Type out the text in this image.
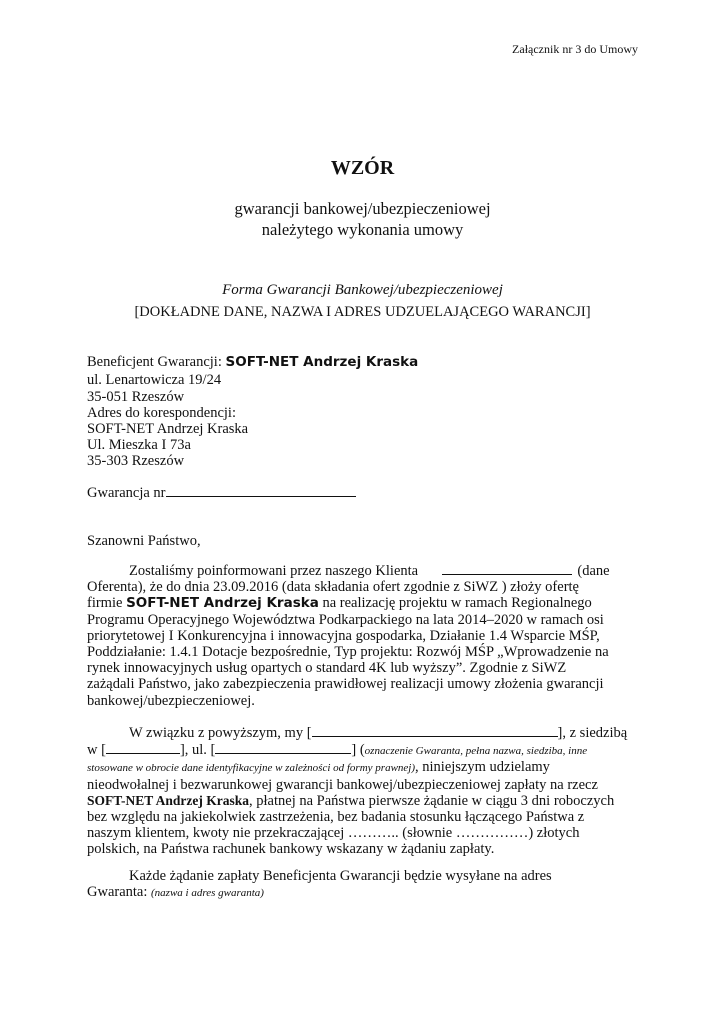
Załącznik nr 3 do Umowy
WZÓR
gwarancji bankowej/ubezpieczeniowej
należytego wykonania umowy
Forma Gwarancji Bankowej/ubezpieczeniowej
[DOKŁADNE DANE, NAZWA I ADRES UDZUELAJĄCEGO WARANCJI]
Beneficjent Gwarancji: SOFT-NET Andrzej Kraska
ul. Lenartowicza 19/24
35-051 Rzeszów
Adres do korespondencji:
SOFT-NET Andrzej Kraska
Ul. Mieszka I 73a
35-303 Rzeszów
Gwarancja nr
Szanowni Państwo,
Zostaliśmy poinformowani przez naszego Klienta	(dane
Oferenta), że do dnia 23.09.2016 (data składania ofert zgodnie z SiWZ ) złoży ofertę
firmie SOFT-NET Andrzej Kraska na realizację projektu w ramach Regionalnego
Programu Operacyjnego Województwa Podkarpackiego na lata 2014–2020 w ramach osi
priorytetowej I Konkurencyjna i innowacyjna gospodarka, Działanie 1.4 Wsparcie MŚP,
Poddziałanie: 1.4.1 Dotacje bezpośrednie, Typ projektu: Rozwój MŚP „Wprowadzenie na
rynek innowacyjnych usług opartych o standard 4K lub wyższy”. Zgodnie z SiWZ
zażądali Państwo, jako zabezpieczenia prawidłowej realizacji umowy złożenia gwarancji
bankowej/ubezpieczeniowej.
W związku z powyższym, my [	], z siedzibą
w [	], ul. [	] (oznaczenie Gwaranta, pełna nazwa, siedziba, inne
stosowane w obrocie dane identyfikacyjne w zależności od formy prawnej), niniejszym udzielamy
nieodwołalnej i bezwarunkowej gwarancji bankowej/ubezpieczeniowej zapłaty na rzecz
SOFT-NET Andrzej Kraska, płatnej na Państwa pierwsze żądanie w ciągu 3 dni roboczych
bez względu na jakiekolwiek zastrzeżenia, bez badania stosunku łączącego Państwa z
naszym klientem, kwoty nie przekraczającej ……….. (słownie ……………) złotych
polskich, na Państwa rachunek bankowy wskazany w żądaniu zapłaty.
Każde żądanie zapłaty Beneficjenta Gwarancji będzie wysyłane na adres
Gwaranta: (nazwa i adres gwaranta)
